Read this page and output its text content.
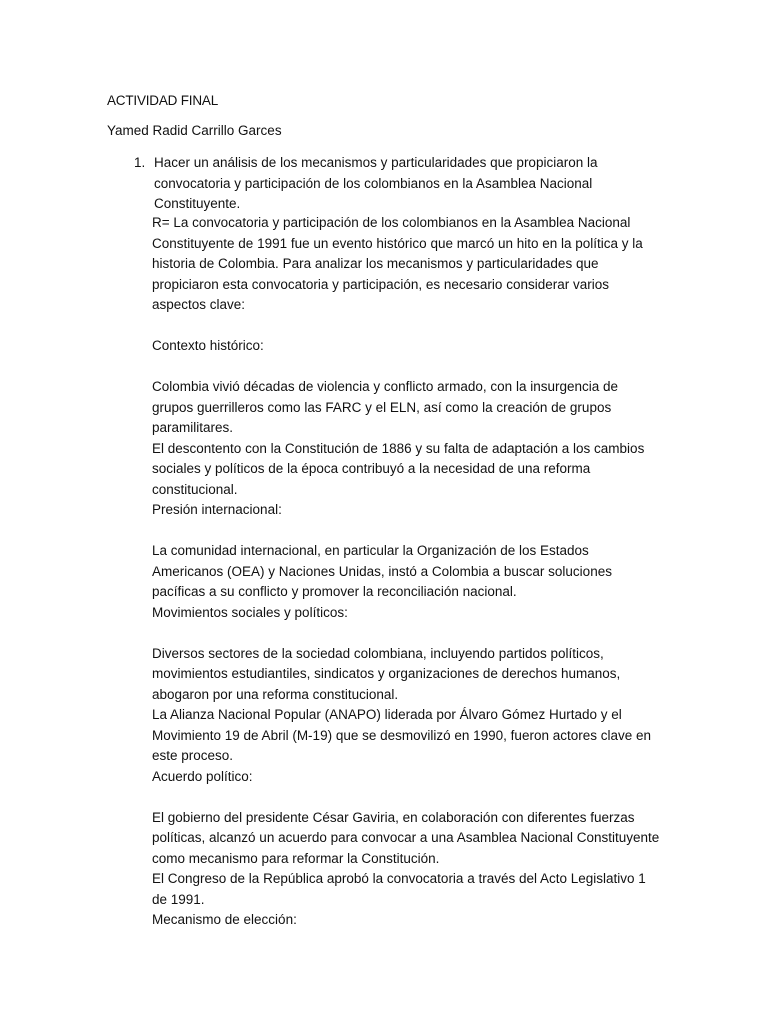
ACTIVIDAD FINAL

Yamed Radid Carrillo Garces

1. Hacer un análisis de los mecanismos y particularidades que propiciaron la convocatoria y participación de los colombianos en la Asamblea Nacional Constituyente.

R= La convocatoria y participación de los colombianos en la Asamblea Nacional Constituyente de 1991 fue un evento histórico que marcó un hito en la política y la historia de Colombia. Para analizar los mecanismos y particularidades que propiciaron esta convocatoria y participación, es necesario considerar varios aspectos clave:

Contexto histórico:

Colombia vivió décadas de violencia y conflicto armado, con la insurgencia de grupos guerrilleros como las FARC y el ELN, así como la creación de grupos paramilitares.

El descontento con la Constitución de 1886 y su falta de adaptación a los cambios sociales y políticos de la época contribuyó a la necesidad de una reforma constitucional.

Presión internacional:

La comunidad internacional, en particular la Organización de los Estados Americanos (OEA) y Naciones Unidas, instó a Colombia a buscar soluciones pacíficas a su conflicto y promover la reconciliación nacional.

Movimientos sociales y políticos:

Diversos sectores de la sociedad colombiana, incluyendo partidos políticos, movimientos estudiantiles, sindicatos y organizaciones de derechos humanos, abogaron por una reforma constitucional.

La Alianza Nacional Popular (ANAPO) liderada por Álvaro Gómez Hurtado y el Movimiento 19 de Abril (M-19) que se desmovilizó en 1990, fueron actores clave en este proceso.

Acuerdo político:

El gobierno del presidente César Gaviria, en colaboración con diferentes fuerzas políticas, alcanzó un acuerdo para convocar a una Asamblea Nacional Constituyente como mecanismo para reformar la Constitución.

El Congreso de la República aprobó la convocatoria a través del Acto Legislativo 1 de 1991.

Mecanismo de elección:
